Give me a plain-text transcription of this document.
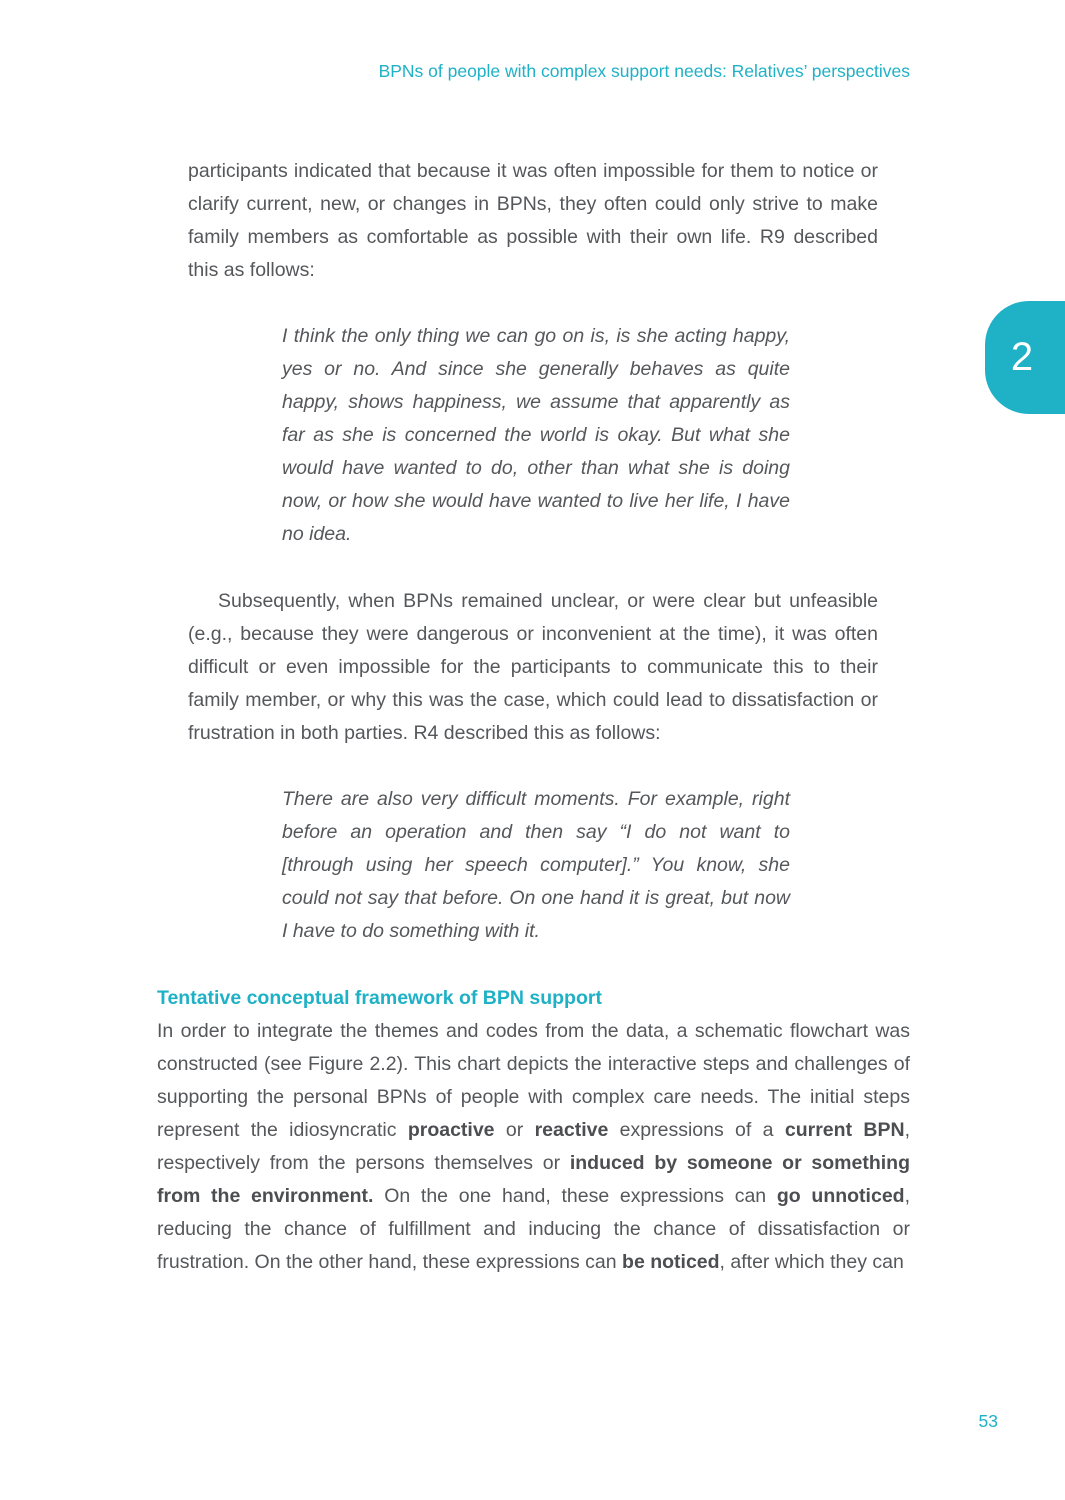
BPNs of people with complex support needs: Relatives’ perspectives
2

participants indicated that because it was often impossible for them to notice or clarify current, new, or changes in BPNs, they often could only strive to make family members as comfortable as possible with their own life. R9 described this as follows:

I think the only thing we can go on is, is she acting happy, yes or no. And since she generally behaves as quite happy, shows happiness, we assume that apparently as far as she is concerned the world is okay. But what she would have wanted to do, other than what she is doing now, or how she would have wanted to live her life, I have no idea.

Subsequently, when BPNs remained unclear, or were clear but unfeasible (e.g., because they were dangerous or inconvenient at the time), it was often difficult or even impossible for the participants to communicate this to their family member, or why this was the case, which could lead to dissatisfaction or frustration in both parties. R4 described this as follows:

There are also very difficult moments. For example, right before an operation and then say “I do not want to [through using her speech computer].” You know, she could not say that before. On one hand it is great, but now I have to do something with it.

Tentative conceptual framework of BPN support

In order to integrate the themes and codes from the data, a schematic flowchart was constructed (see Figure 2.2). This chart depicts the interactive steps and challenges of supporting the personal BPNs of people with complex care needs. The initial steps represent the idiosyncratic proactive or reactive expressions of a current BPN, respectively from the persons themselves or induced by someone or something from the environment. On the one hand, these expressions can go unnoticed, reducing the chance of fulfillment and inducing the chance of dissatisfaction or frustration. On the other hand, these expressions can be noticed, after which they can

53
